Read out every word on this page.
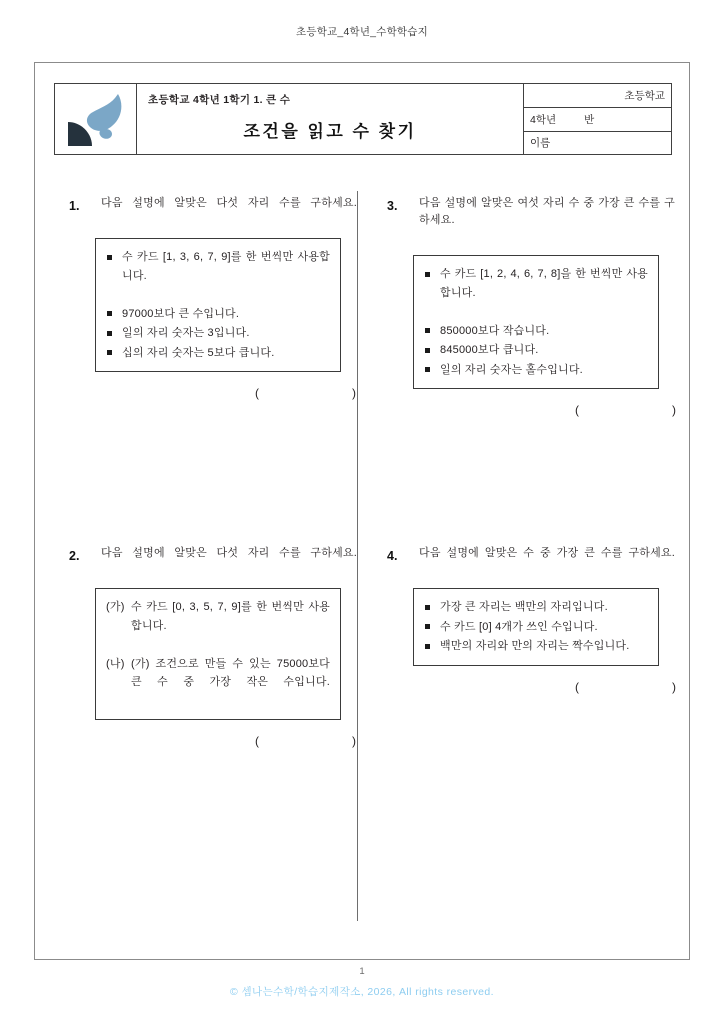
초등학교_4학년_수학학습지
초등학교 4학년 1학기 1. 큰 수
조건을 읽고 수 찾기
초등학교
4학년	반
이름
1. 다음 설명에 알맞은 다섯 자리 수를 구하세요.
수 카드 [1, 3, 6, 7, 9]를 한 번씩만 사용합니다.
97000보다 큰 수입니다.
일의 자리 숫자는 3입니다.
십의 자리 숫자는 5보다 큽니다.
(	)
3. 다음 설명에 알맞은 여섯 자리 수 중 가장 큰 수를 구하세요.
수 카드 [1, 2, 4, 6, 7, 8]을 한 번씩만 사용합니다.
850000보다 작습니다.
845000보다 큽니다.
일의 자리 숫자는 홀수입니다.
(	)
2. 다음 설명에 알맞은 다섯 자리 수를 구하세요.
(가) 수 카드 [0, 3, 5, 7, 9]를 한 번씩만 사용합니다.
(나) (가) 조건으로 만들 수 있는 75000보다 큰 수 중 가장 작은 수입니다.
(	)
4. 다음 설명에 알맞은 수 중 가장 큰 수를 구하세요.
가장 큰 자리는 백만의 자리입니다.
수 카드 [0] 4개가 쓰인 수입니다.
백만의 자리와 만의 자리는 짝수입니다.
(	)
1
© 셈나는수학/학습지제작소, 2026, All rights reserved.
